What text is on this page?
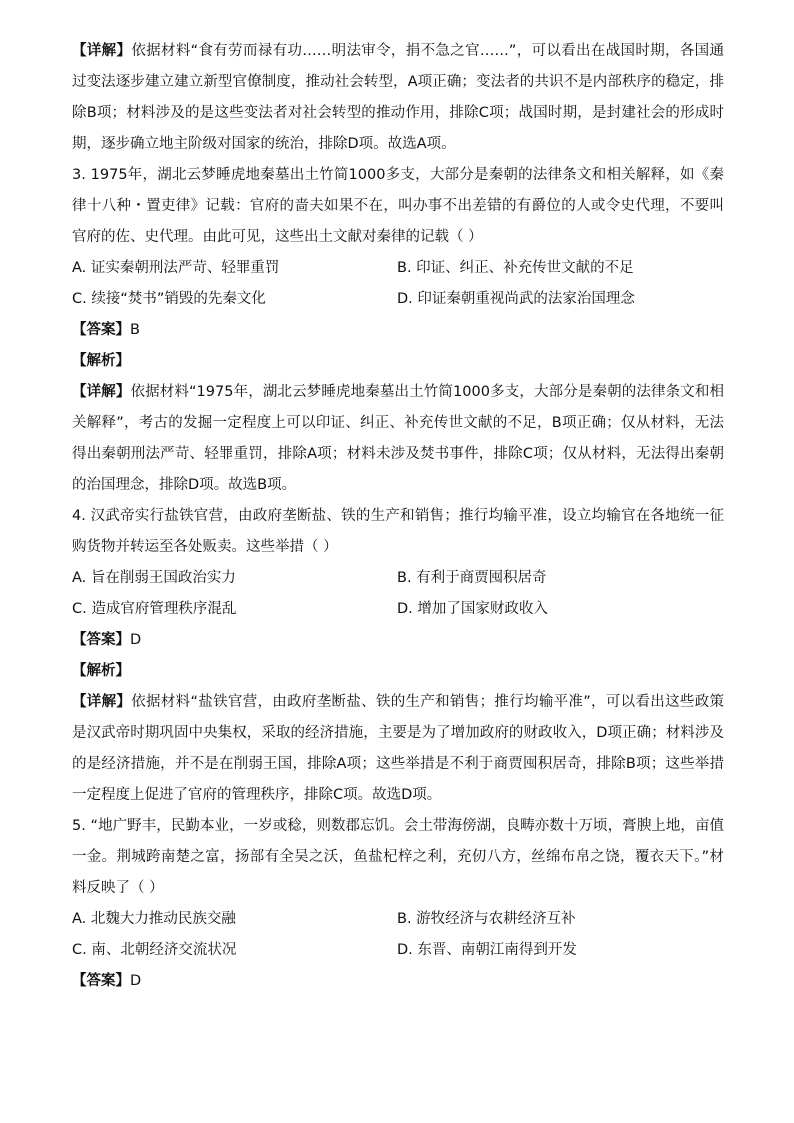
【详解】依据材料“食有劳而禄有功……明法审令，捐不急之官……”，可以看出在战国时期，各国通过变法逐步建立建立新型官僚制度，推动社会转型，A项正确；变法者的共识不是内部秩序的稳定，排除B项；材料涉及的是这些变法者对社会转型的推动作用，排除C项；战国时期，是封建社会的形成时期，逐步确立地主阶级对国家的统治，排除D项。故选A项。

3. 1975年，湖北云梦睡虎地秦墓出土竹简1000多支，大部分是秦朝的法律条文和相关解释，如《秦律十八种・置吏律》记载：官府的啬夫如果不在，叫办事不出差错的有爵位的人或令史代理，不要叫官府的佐、史代理。由此可见，这些出土文献对秦律的记载（ ）

A. 证实秦朝刑法严苛、轻罪重罚	B. 印证、纠正、补充传世文献的不足

C. 续接“焚书”销毁的先秦文化	D. 印证秦朝重视尚武的法家治国理念

【答案】B

【解析】

【详解】依据材料“1975年，湖北云梦睡虎地秦墓出土竹简1000多支，大部分是秦朝的法律条文和相关解释”，考古的发掘一定程度上可以印证、纠正、补充传世文献的不足，B项正确；仅从材料，无法得出秦朝刑法严苛、轻罪重罚，排除A项；材料未涉及焚书事件，排除C项；仅从材料，无法得出秦朝的治国理念，排除D项。故选B项。

4. 汉武帝实行盐铁官营，由政府垄断盐、铁的生产和销售；推行均输平准，设立均输官在各地统一征购货物并转运至各处贩卖。这些举措（ ）

A. 旨在削弱王国政治实力	B. 有利于商贾囤积居奇

C. 造成官府管理秩序混乱	D. 增加了国家财政收入

【答案】D

【解析】

【详解】依据材料“盐铁官营，由政府垄断盐、铁的生产和销售；推行均输平准”，可以看出这些政策是汉武帝时期巩固中央集权，采取的经济措施，主要是为了增加政府的财政收入，D项正确；材料涉及的是经济措施，并不是在削弱王国，排除A项；这些举措是不利于商贾囤积居奇，排除B项；这些举措一定程度上促进了官府的管理秩序，排除C项。故选D项。

5. “地广野丰，民勤本业，一岁或稔，则数郡忘饥。会土带海傍湖，良畴亦数十万顷，膏腴上地，亩值一金。荆城跨南楚之富，扬部有全吴之沃，鱼盐杞梓之利，充仞八方，丝绵布帛之饶，覆衣天下。”材料反映了（ ）

A. 北魏大力推动民族交融	B. 游牧经济与农耕经济互补

C. 南、北朝经济交流状况	D. 东晋、南朝江南得到开发

【答案】D
